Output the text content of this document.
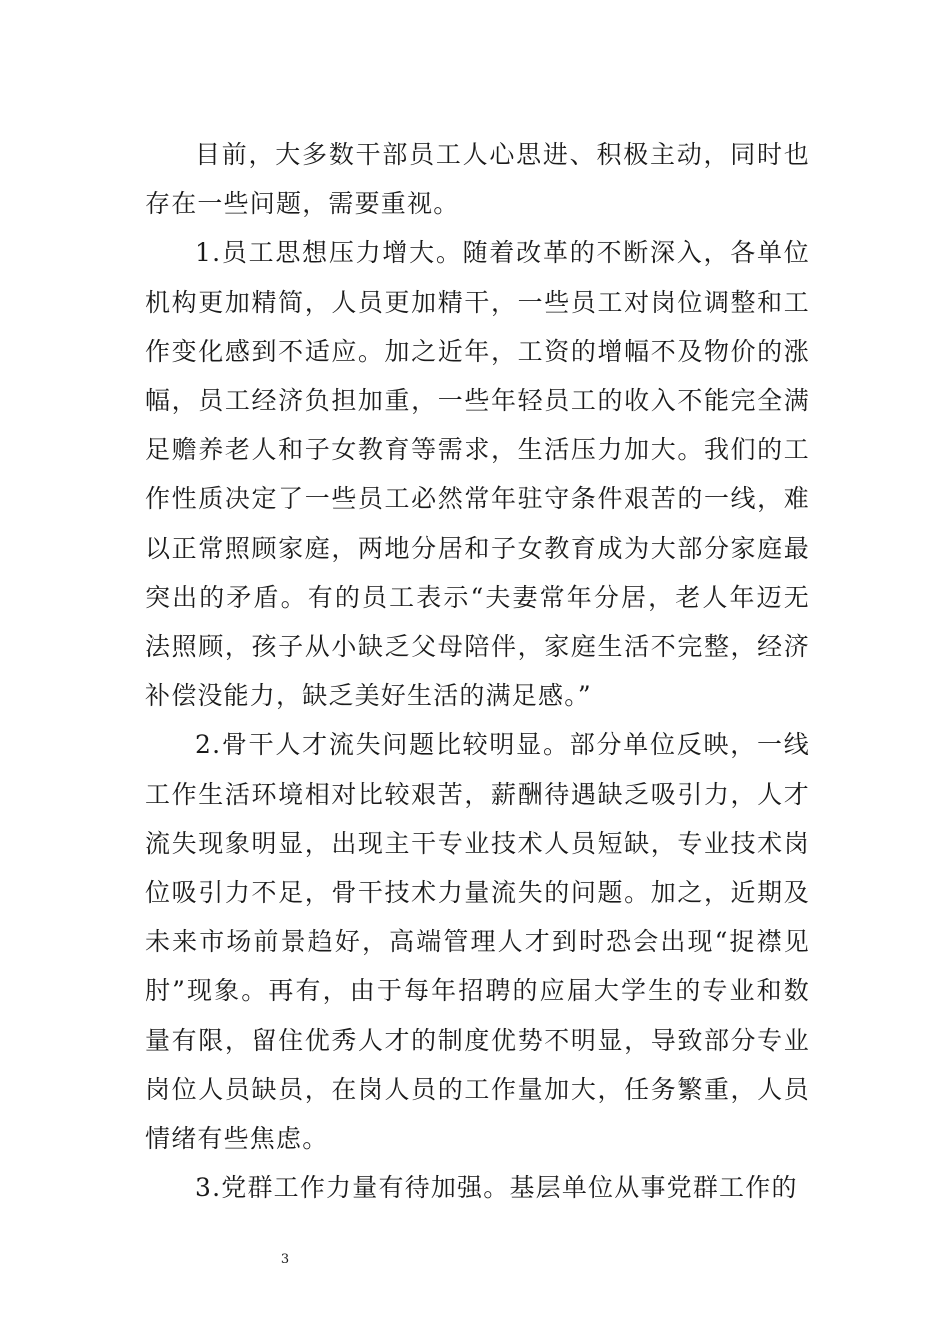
目前，大多数干部员工人心思进、积极主动，同时也存在一些问题，需要重视。

1.员工思想压力增大。随着改革的不断深入，各单位机构更加精简，人员更加精干，一些员工对岗位调整和工作变化感到不适应。加之近年，工资的增幅不及物价的涨幅，员工经济负担加重，一些年轻员工的收入不能完全满足赡养老人和子女教育等需求，生活压力加大。我们的工作性质决定了一些员工必然常年驻守条件艰苦的一线，难以正常照顾家庭，两地分居和子女教育成为大部分家庭最突出的矛盾。有的员工表示“夫妻常年分居，老人年迈无法照顾，孩子从小缺乏父母陪伴，家庭生活不完整，经济补偿没能力，缺乏美好生活的满足感。”

2.骨干人才流失问题比较明显。部分单位反映，一线工作生活环境相对比较艰苦，薪酬待遇缺乏吸引力，人才流失现象明显，出现主干专业技术人员短缺，专业技术岗位吸引力不足，骨干技术力量流失的问题。加之，近期及未来市场前景趋好，高端管理人才到时恐会出现“捉襟见肘”现象。再有，由于每年招聘的应届大学生的专业和数量有限，留住优秀人才的制度优势不明显，导致部分专业岗位人员缺员，在岗人员的工作量加大，任务繁重，人员情绪有些焦虑。

3.党群工作力量有待加强。基层单位从事党群工作的

3
